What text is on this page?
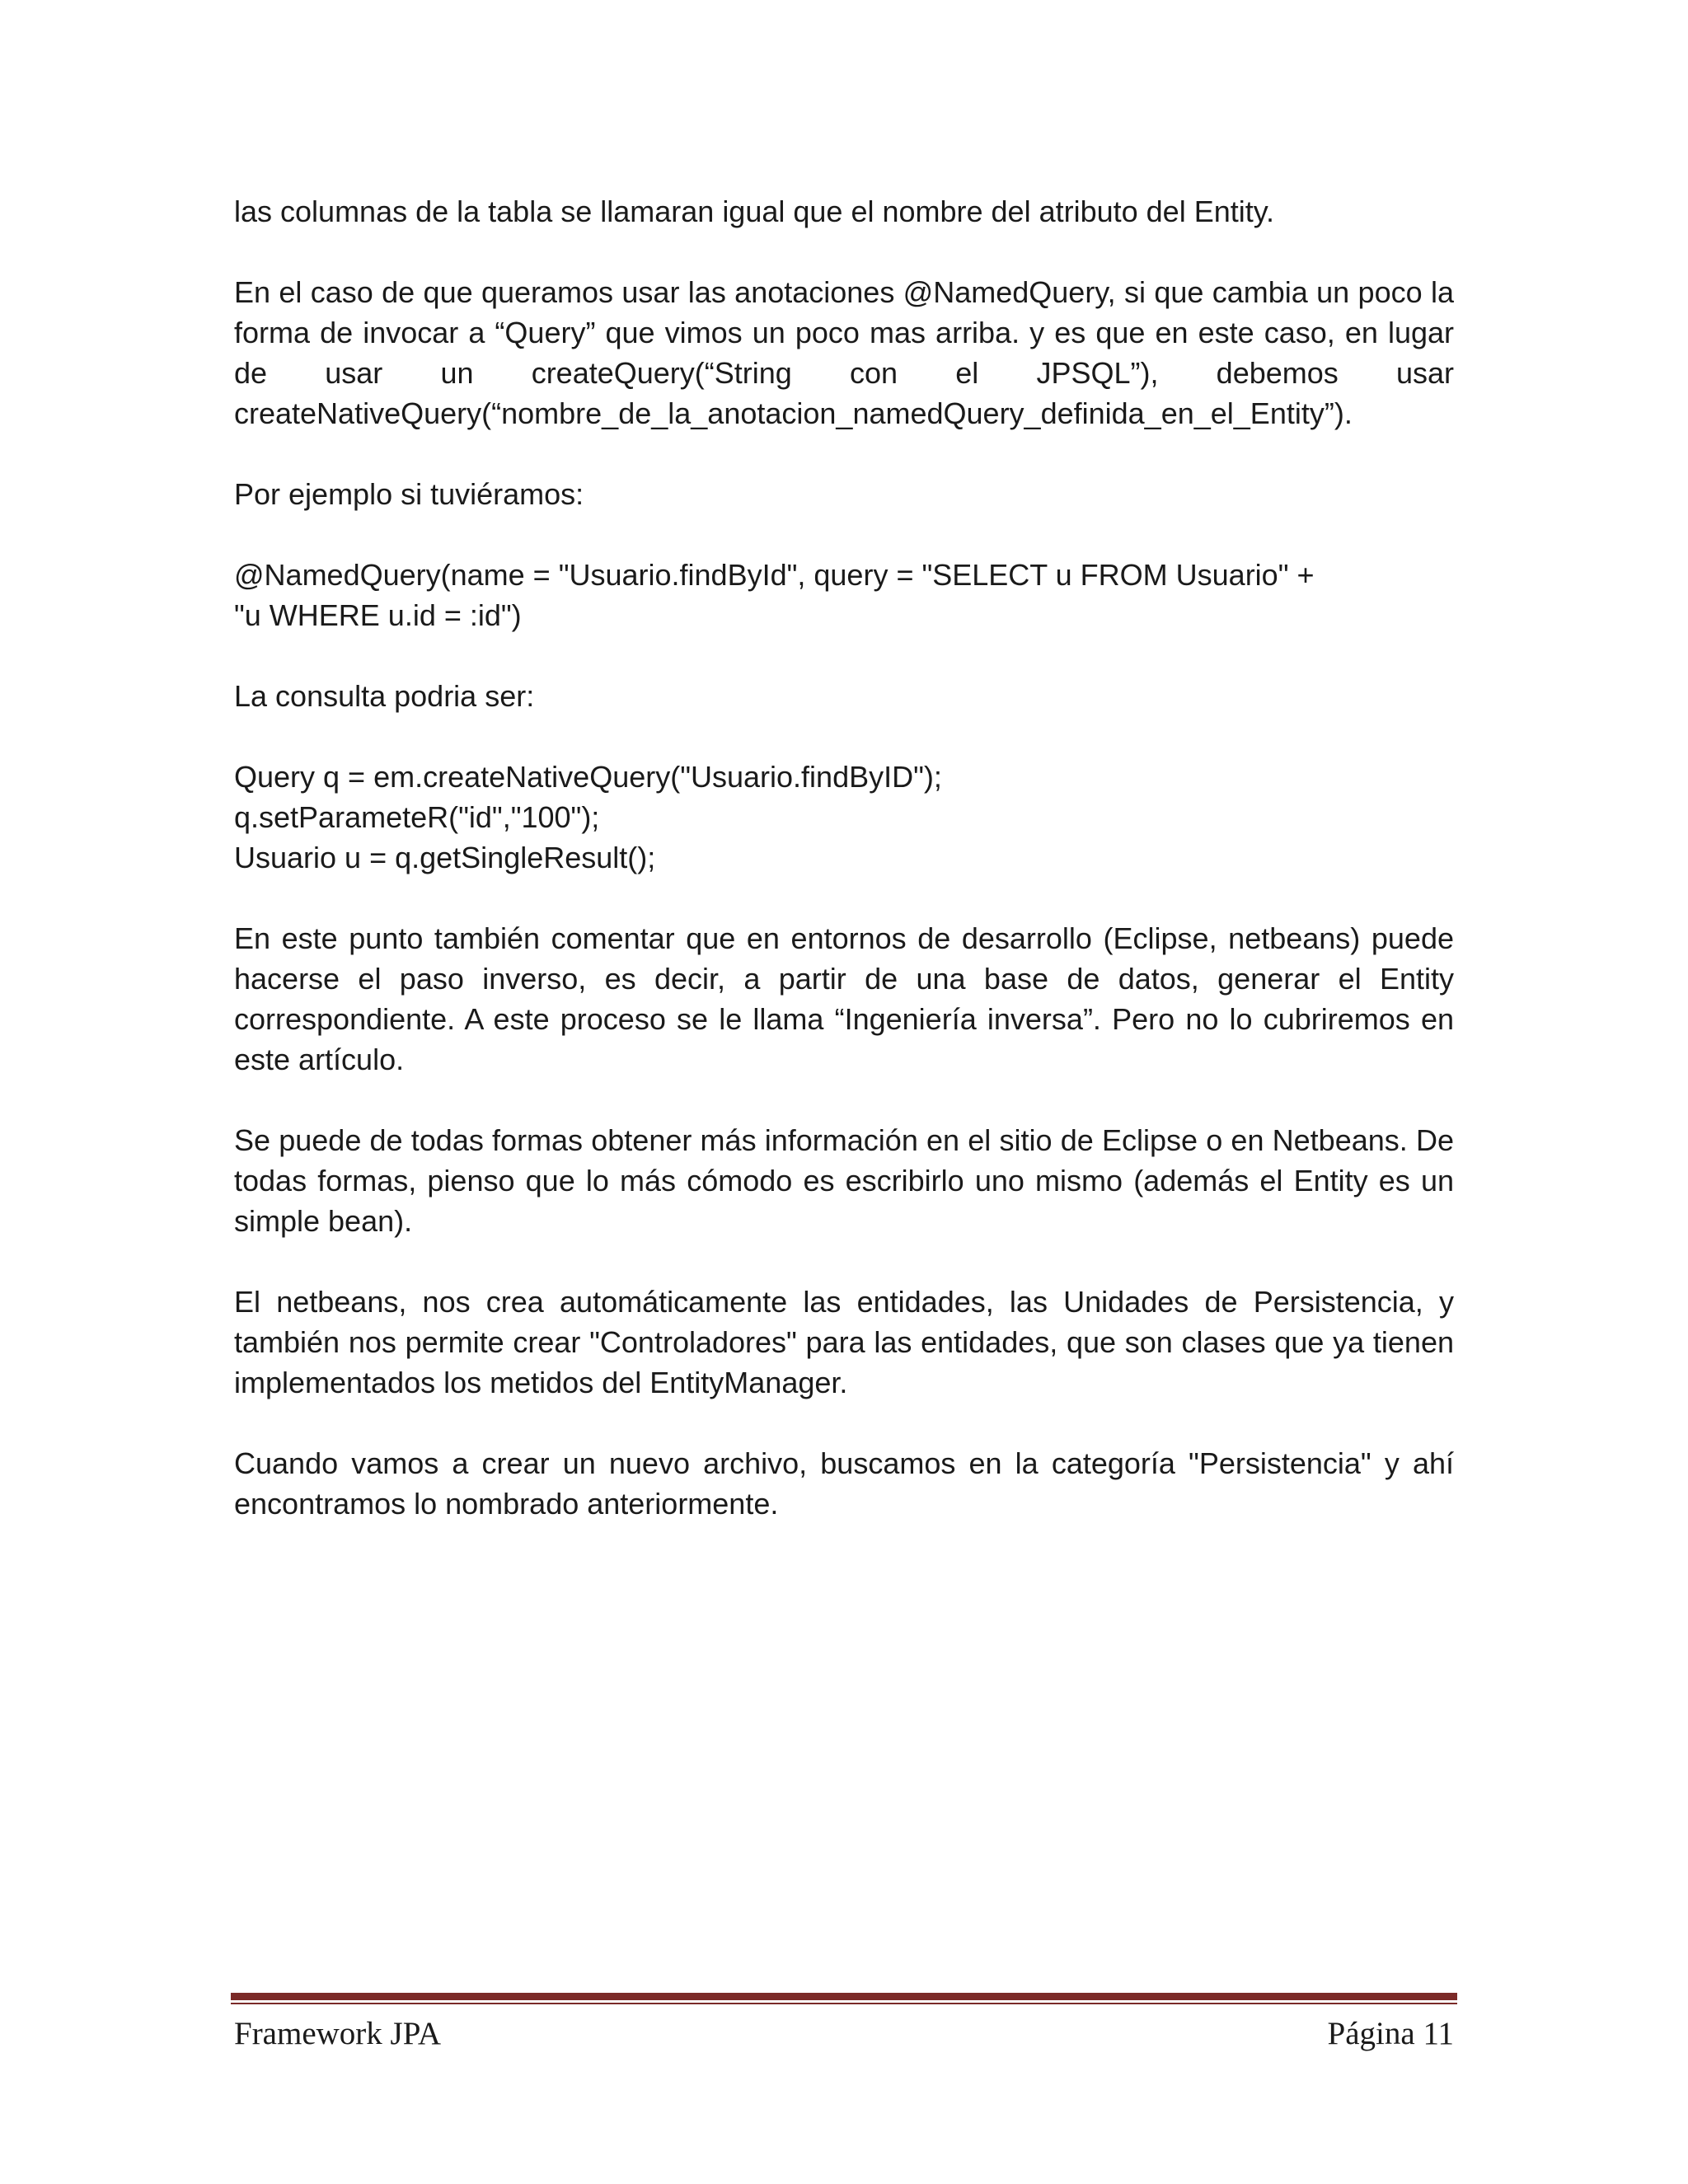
las columnas de la tabla se llamaran igual que el nombre del atributo del Entity.

En el caso de que queramos usar las anotaciones @NamedQuery, si que cambia un poco la forma de invocar a “Query” que vimos un poco mas arriba. y es que en este caso, en lugar de usar un createQuery(“String con el JPSQL”), debemos usar createNativeQuery(“nombre_de_la_anotacion_namedQuery_definida_en_el_Entity”).

Por ejemplo si tuviéramos:

@NamedQuery(name = "Usuario.findById", query = "SELECT u FROM Usuario" +
"u WHERE u.id = :id")

La consulta podria ser:

Query q = em.createNativeQuery("Usuario.findByID");
q.setParameteR("id","100");
Usuario u = q.getSingleResult();

En este punto también comentar que en entornos de desarrollo (Eclipse, netbeans) puede hacerse el paso inverso, es decir, a partir de una base de datos, generar el Entity correspondiente. A este proceso se le llama “Ingeniería inversa”. Pero no lo cubriremos en este artículo.

Se puede de todas formas obtener más información en el sitio de Eclipse o en Netbeans. De todas formas, pienso que lo más cómodo es escribirlo uno mismo (además el Entity es un simple bean).

El netbeans, nos crea automáticamente las entidades, las Unidades de Persistencia, y también nos permite crear "Controladores" para las entidades, que son clases que ya tienen implementados los metidos del EntityManager.

Cuando vamos a crear un nuevo archivo, buscamos en la categoría "Persistencia" y ahí encontramos lo nombrado anteriormente.

Framework JPA	Página 11
